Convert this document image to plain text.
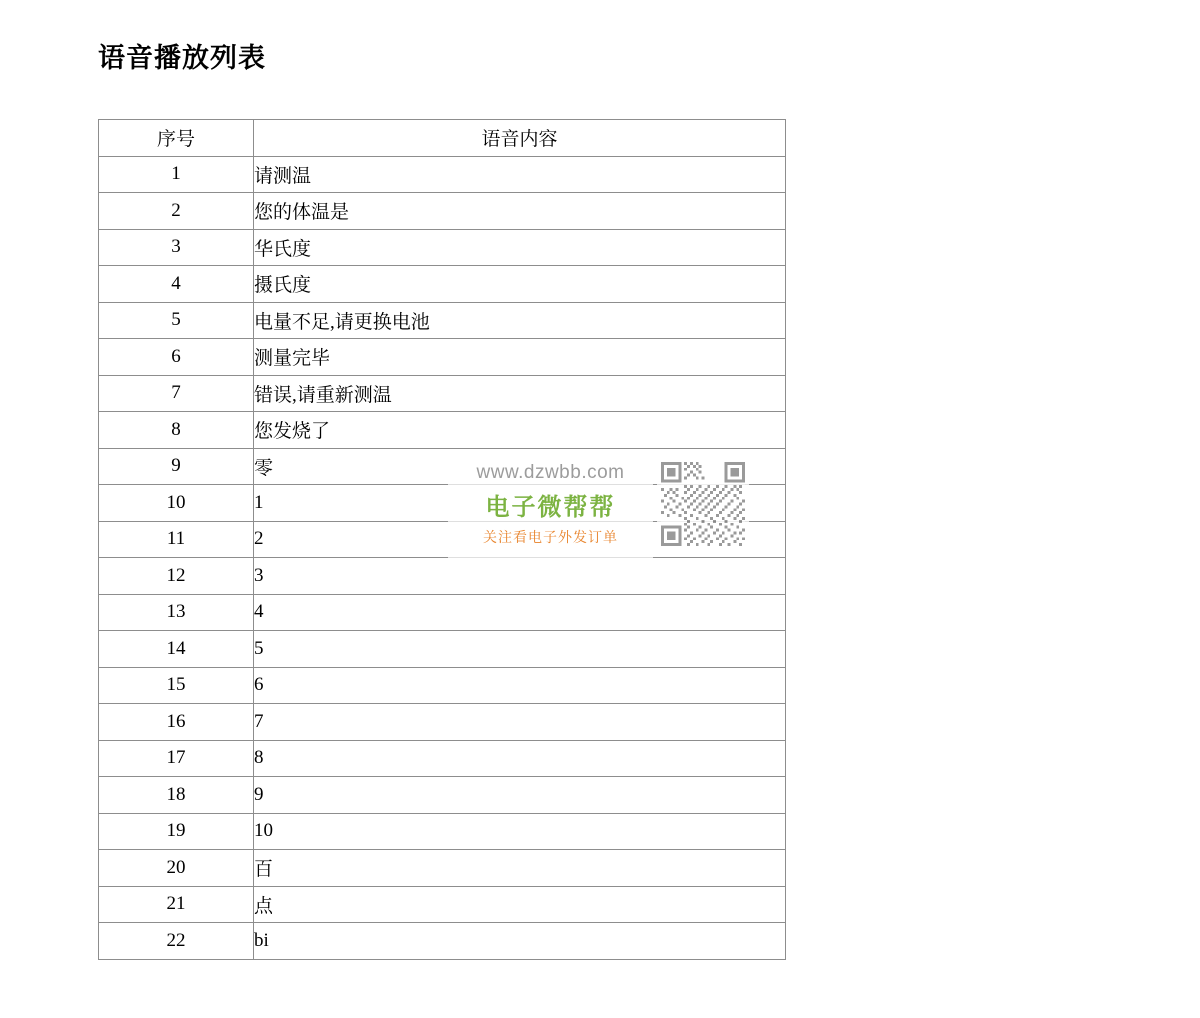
语音播放列表
序号	语音内容
1	请测温
2	您的体温是
3	华氏度
4	摄氏度
5	电量不足,请更换电池
6	测量完毕
7	错误,请重新测温
8	您发烧了
9	零
10	1
11	2
12	3
13	4
14	5
15	6
16	7
17	8
18	9
19	10
20	百
21	点
22	bi
www.dzwbb.com
电子微帮帮
关注看电子外发订单
